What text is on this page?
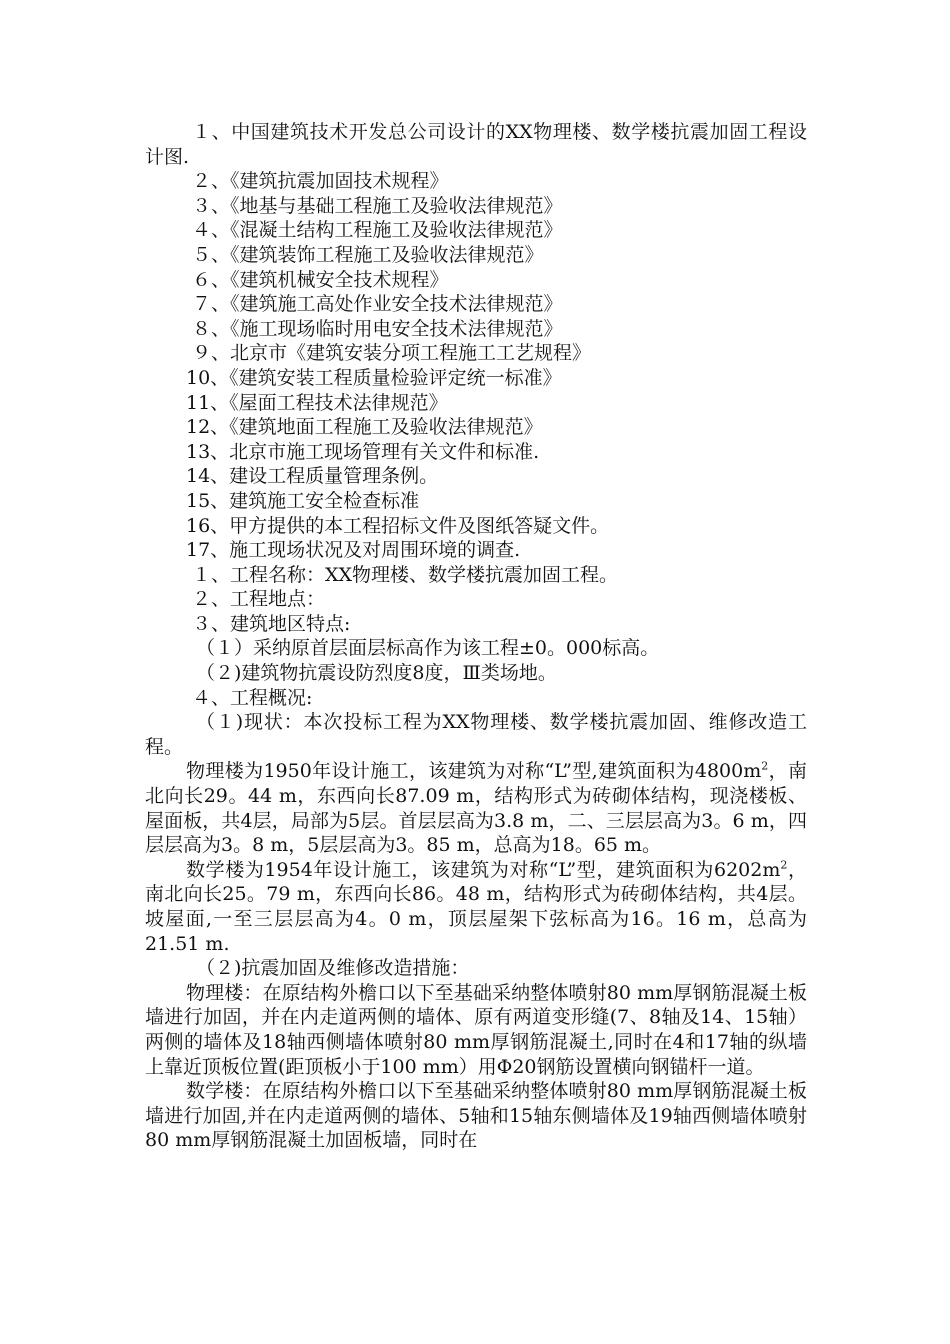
１、中国建筑技术开发总公司设计的XX物理楼、数学楼抗震加固工程设计图.

２、《建筑抗震加固技术规程》

３、《地基与基础工程施工及验收法律规范》

４、《混凝土结构工程施工及验收法律规范》

５、《建筑装饰工程施工及验收法律规范》

６、《建筑机械安全技术规程》

７、《建筑施工高处作业安全技术法律规范》

８、《施工现场临时用电安全技术法律规范》

９、北京市《建筑安装分项工程施工工艺规程》

10、《建筑安装工程质量检验评定统一标准》

11、《屋面工程技术法律规范》

12、《建筑地面工程施工及验收法律规范》

13、北京市施工现场管理有关文件和标准.

14、建设工程质量管理条例。

15、建筑施工安全检查标准

16、甲方提供的本工程招标文件及图纸答疑文件。

17、施工现场状况及对周围环境的调查.

１、工程名称：XX物理楼、数学楼抗震加固工程。

２、工程地点：

３、建筑地区特点:

（１）采纳原首层面层标高作为该工程±0。000标高。

（２)建筑物抗震设防烈度8度，Ⅲ类场地。

４、工程概况:

（１)现状：本次投标工程为XX物理楼、数学楼抗震加固、维修改造工程。

物理楼为1950年设计施工，该建筑为对称“L”型,建筑面积为$4800m^2$，南北向长29。44 m，东西向长87.09 m，结构形式为砖砌体结构，现浇楼板、屋面板，共4层，局部为5层。首层层高为3.8 m，二、三层层高为3。6 m，四层层高为3。8 m，5层层高为3。85 m，总高为18。65 m。

数学楼为1954年设计施工，该建筑为对称“L”型，建筑面积为$6202m^2$，南北向长25。79 m，东西向长86。48 m，结构形式为砖砌体结构，共4层。坡屋面,一至三层层高为4。0 m，顶层屋架下弦标高为16。16 m，总高为21.51 m.

（２)抗震加固及维修改造措施：

物理楼：在原结构外檐口以下至基础采纳整体喷射80 mm厚钢筋混凝土板墙进行加固，并在内走道两侧的墙体、原有两道变形缝(7、8轴及14、15轴）两侧的墙体及18轴西侧墙体喷射80 mm厚钢筋混凝土,同时在4和17轴的纵墙上靠近顶板位置(距顶板小于100 mm）用Φ20钢筋设置横向钢锚杆一道。

数学楼：在原结构外檐口以下至基础采纳整体喷射80 mm厚钢筋混凝土板墙进行加固,并在内走道两侧的墙体、5轴和15轴东侧墙体及19轴西侧墙体喷射80 mm厚钢筋混凝土加固板墙，同时在
